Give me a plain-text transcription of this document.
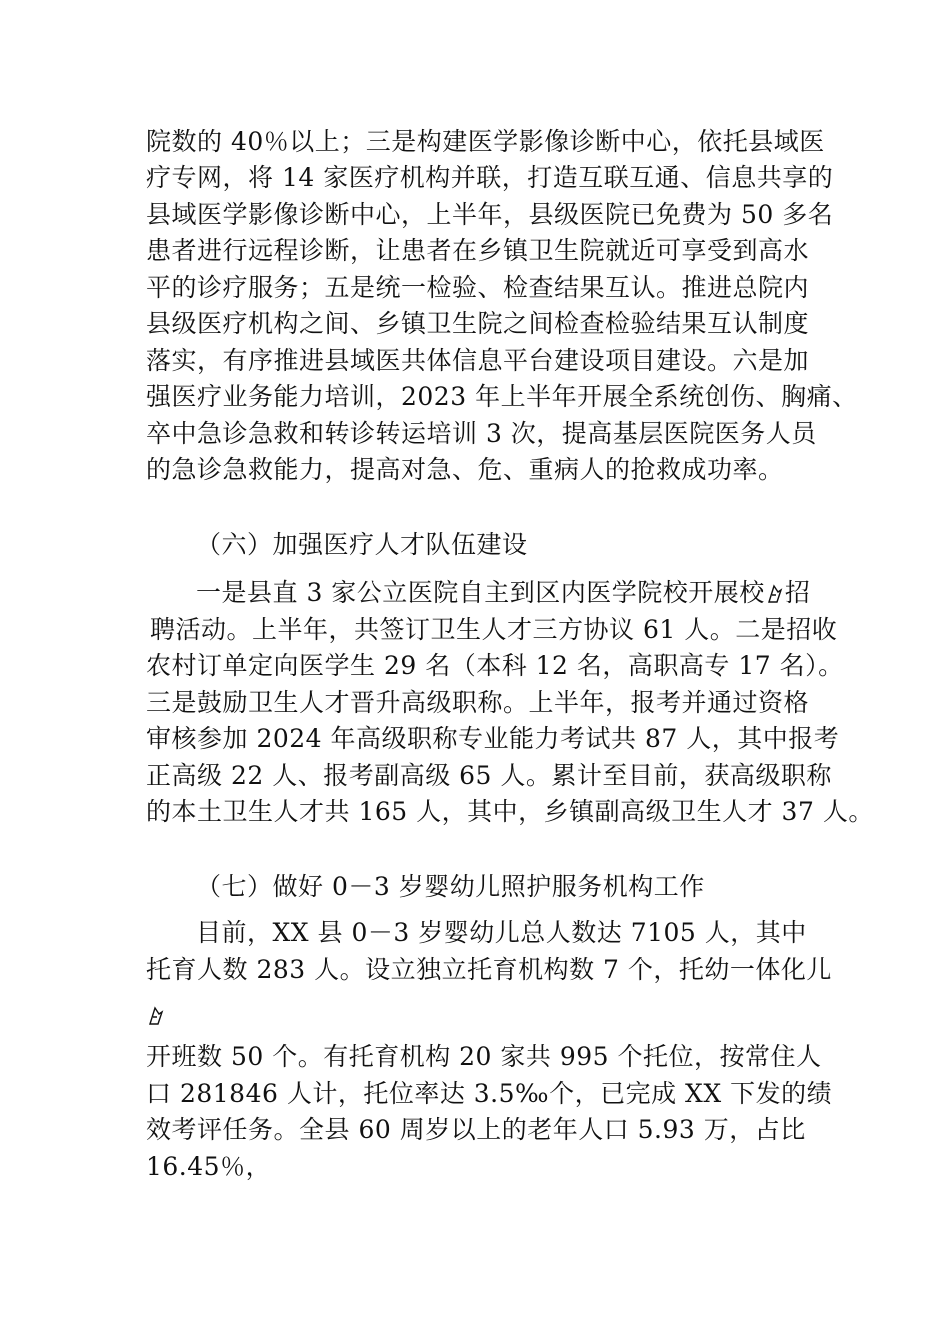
院数的 40％以上；三是构建医学影像诊断中心，依托县域医
疗专网，将 14 家医疗机构并联，打造互联互通、信息共享的
县域医学影像诊断中心，上半年，县级医院已免费为 50 多名
患者进行远程诊断，让患者在乡镇卫生院就近可享受到高水
平的诊疗服务；五是统一检验、检查结果互认。推进总院内
县级医疗机构之间、乡镇卫生院之间检查检验结果互认制度
落实，有序推进县域医共体信息平台建设项目建设。六是加
强医疗业务能力培训，2023 年上半年开展全系统创伤、胸痛、
卒中急诊急救和转诊转运培训 3 次，提高基层医院医务人员
的急诊急救能力，提高对急、危、重病人的抢救成功率。
（六）加强医疗人才队伍建设
一是县直 3 家公立医院自主到区内医学院校开展校 招
聘活动。上半年，共签订卫生人才三方协议 61 人。二是招收
农村订单定向医学生 29 名（本科 12 名，高职高专 17 名）。
三是鼓励卫生人才晋升高级职称。上半年，报考并通过资格
审核参加 2024 年高级职称专业能力考试共 87 人，其中报考
正高级 22 人、报考副高级 65 人。累计至目前，获高级职称
的本土卫生人才共 165 人，其中，乡镇副高级卫生人才 37 人。
（七）做好 0－3 岁婴幼儿照护服务机构工作
目前，XX 县 0－3 岁婴幼儿总人数达 7105 人，其中
托育人数 283 人。设立独立托育机构数 7 个，托幼一体化儿
开班数 50 个。有托育机构 20 家共 995 个托位，按常住人
口 281846 人计，托位率达 3.5‰个，已完成 XX 下发的绩
效考评任务。全县 60 周岁以上的老年人口 5.93 万，占比
16.45％，
